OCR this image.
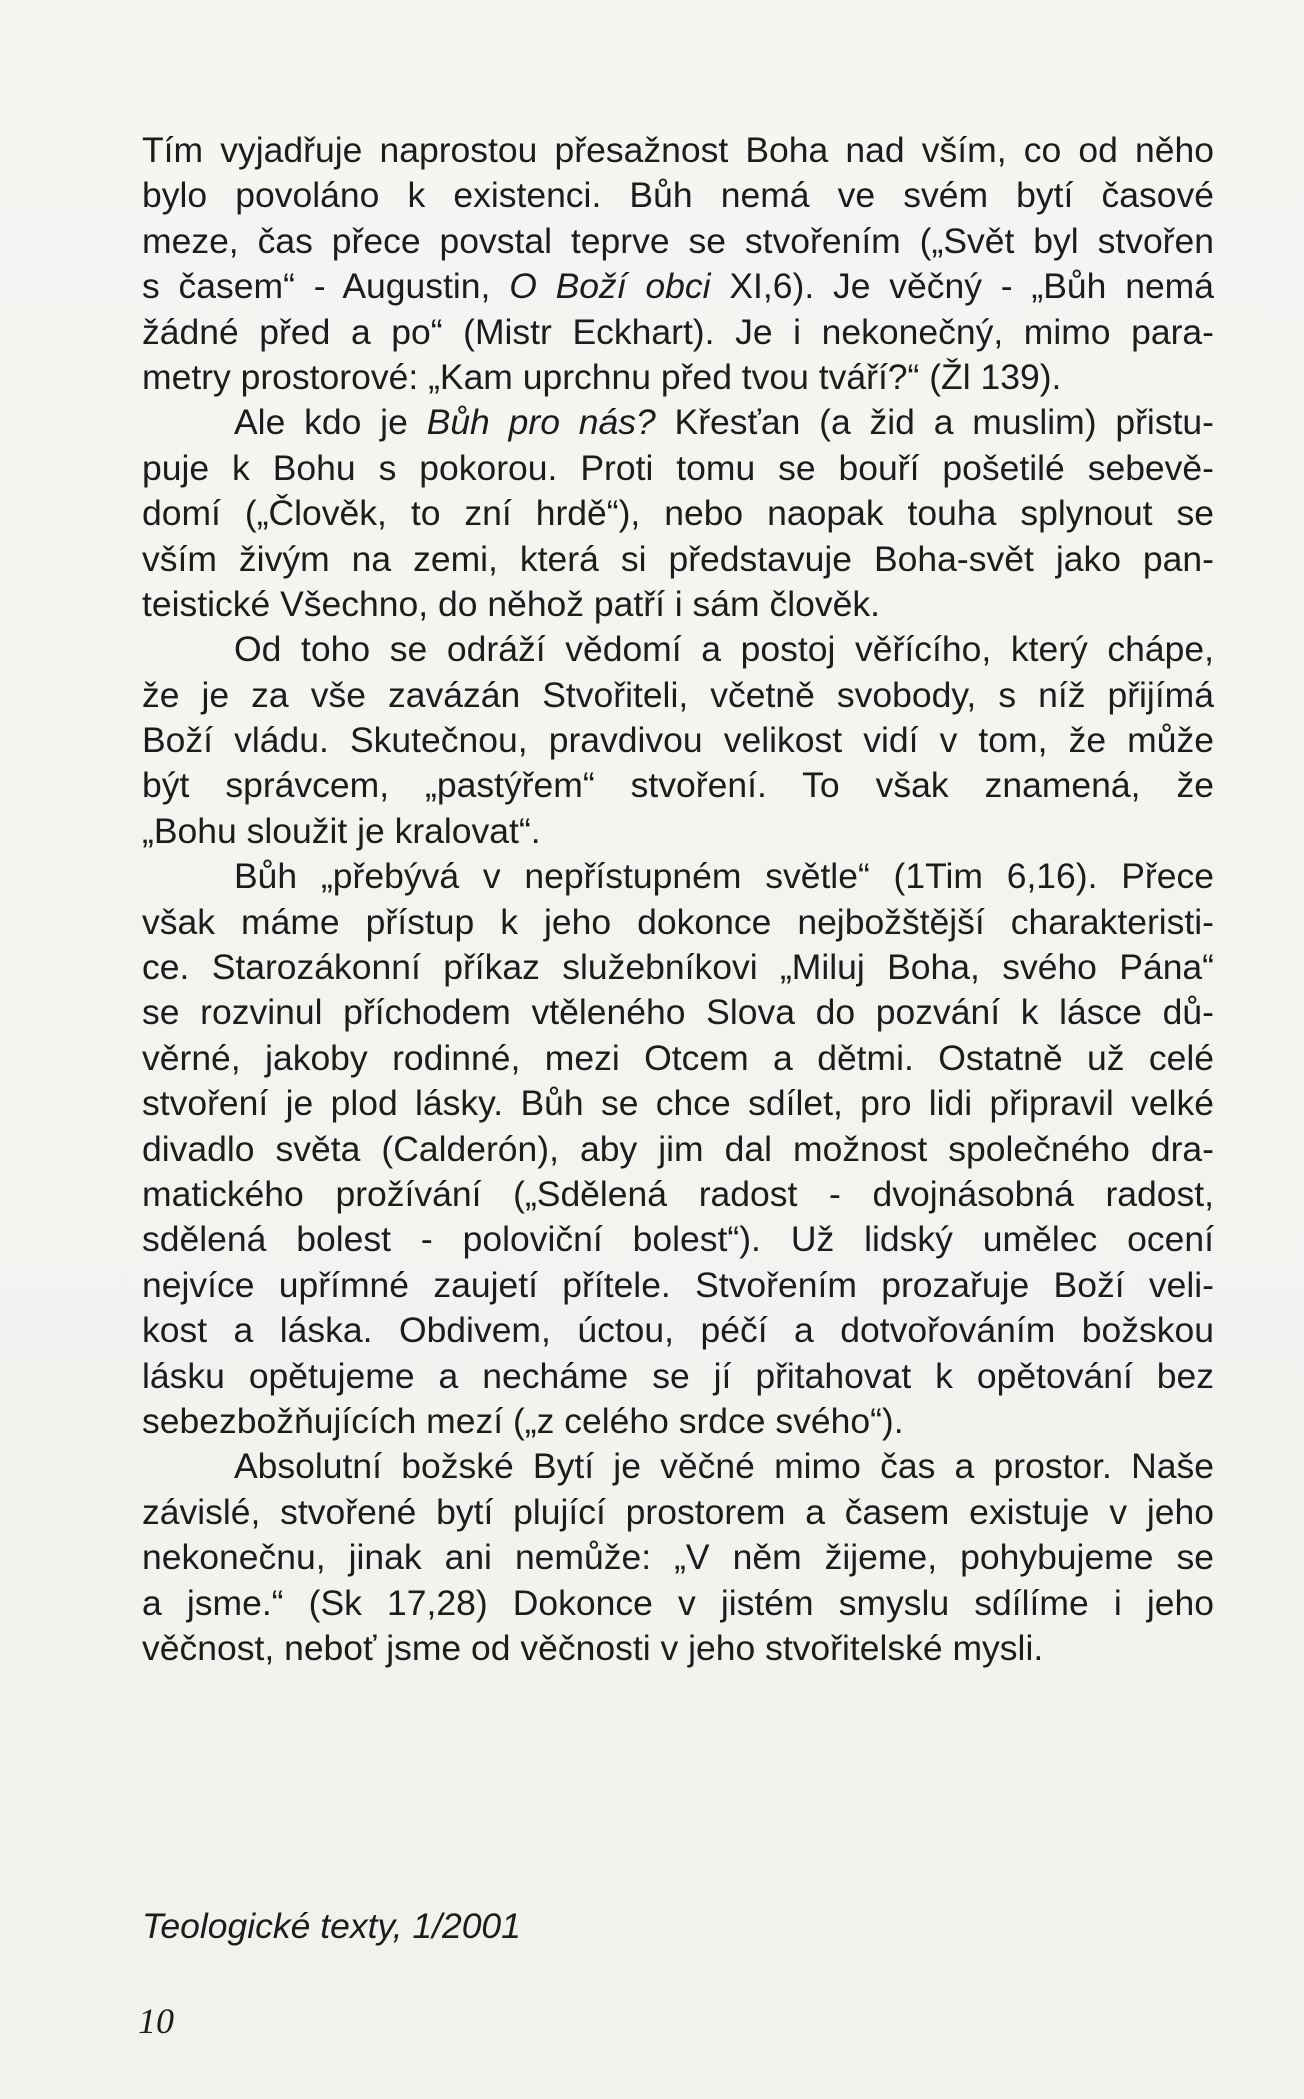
Tím vyjadřuje naprostou přesažnost Boha nad vším, co od něho
bylo povoláno k existenci. Bůh nemá ve svém bytí časové
meze, čas přece povstal teprve se stvořením („Svět byl stvořen
s časem“ - Augustin, O Boží obci XI,6). Je věčný - „Bůh nemá
žádné před a po“ (Mistr Eckhart). Je i nekonečný, mimo para-
metry prostorové: „Kam uprchnu před tvou tváří?“ (Žl 139).
Ale kdo je Bůh pro nás? Křesťan (a žid a muslim) přistu-
puje k Bohu s pokorou. Proti tomu se bouří pošetilé sebevě-
domí („Člověk, to zní hrdě“), nebo naopak touha splynout se
vším živým na zemi, která si představuje Boha-svět jako pan-
teistické Všechno, do něhož patří i sám člověk.
Od toho se odráží vědomí a postoj věřícího, který chápe,
že je za vše zavázán Stvořiteli, včetně svobody, s níž přijímá
Boží vládu. Skutečnou, pravdivou velikost vidí v tom, že může
být správcem, „pastýřem“ stvoření. To však znamená, že
„Bohu sloužit je kralovat“.
Bůh „přebývá v nepřístupném světle“ (1Tim 6,16). Přece
však máme přístup k jeho dokonce nejbožštější charakteristi-
ce. Starozákonní příkaz služebníkovi „Miluj Boha, svého Pána“
se rozvinul příchodem vtěleného Slova do pozvání k lásce dů-
věrné, jakoby rodinné, mezi Otcem a dětmi. Ostatně už celé
stvoření je plod lásky. Bůh se chce sdílet, pro lidi připravil velké
divadlo světa (Calderón), aby jim dal možnost společného dra-
matického prožívání („Sdělená radost - dvojnásobná radost,
sdělená bolest - poloviční bolest“). Už lidský umělec ocení
nejvíce upřímné zaujetí přítele. Stvořením prozařuje Boží veli-
kost a láska. Obdivem, úctou, péčí a dotvořováním božskou
lásku opětujeme a necháme se jí přitahovat k opětování bez
sebezbožňujících mezí („z celého srdce svého“).
Absolutní božské Bytí je věčné mimo čas a prostor. Naše
závislé, stvořené bytí plující prostorem a časem existuje v jeho
nekonečnu, jinak ani nemůže: „V něm žijeme, pohybujeme se
a jsme.“ (Sk 17,28) Dokonce v jistém smyslu sdílíme i jeho
věčnost, neboť jsme od věčnosti v jeho stvořitelské mysli.
Teologické texty, 1/2001
10
